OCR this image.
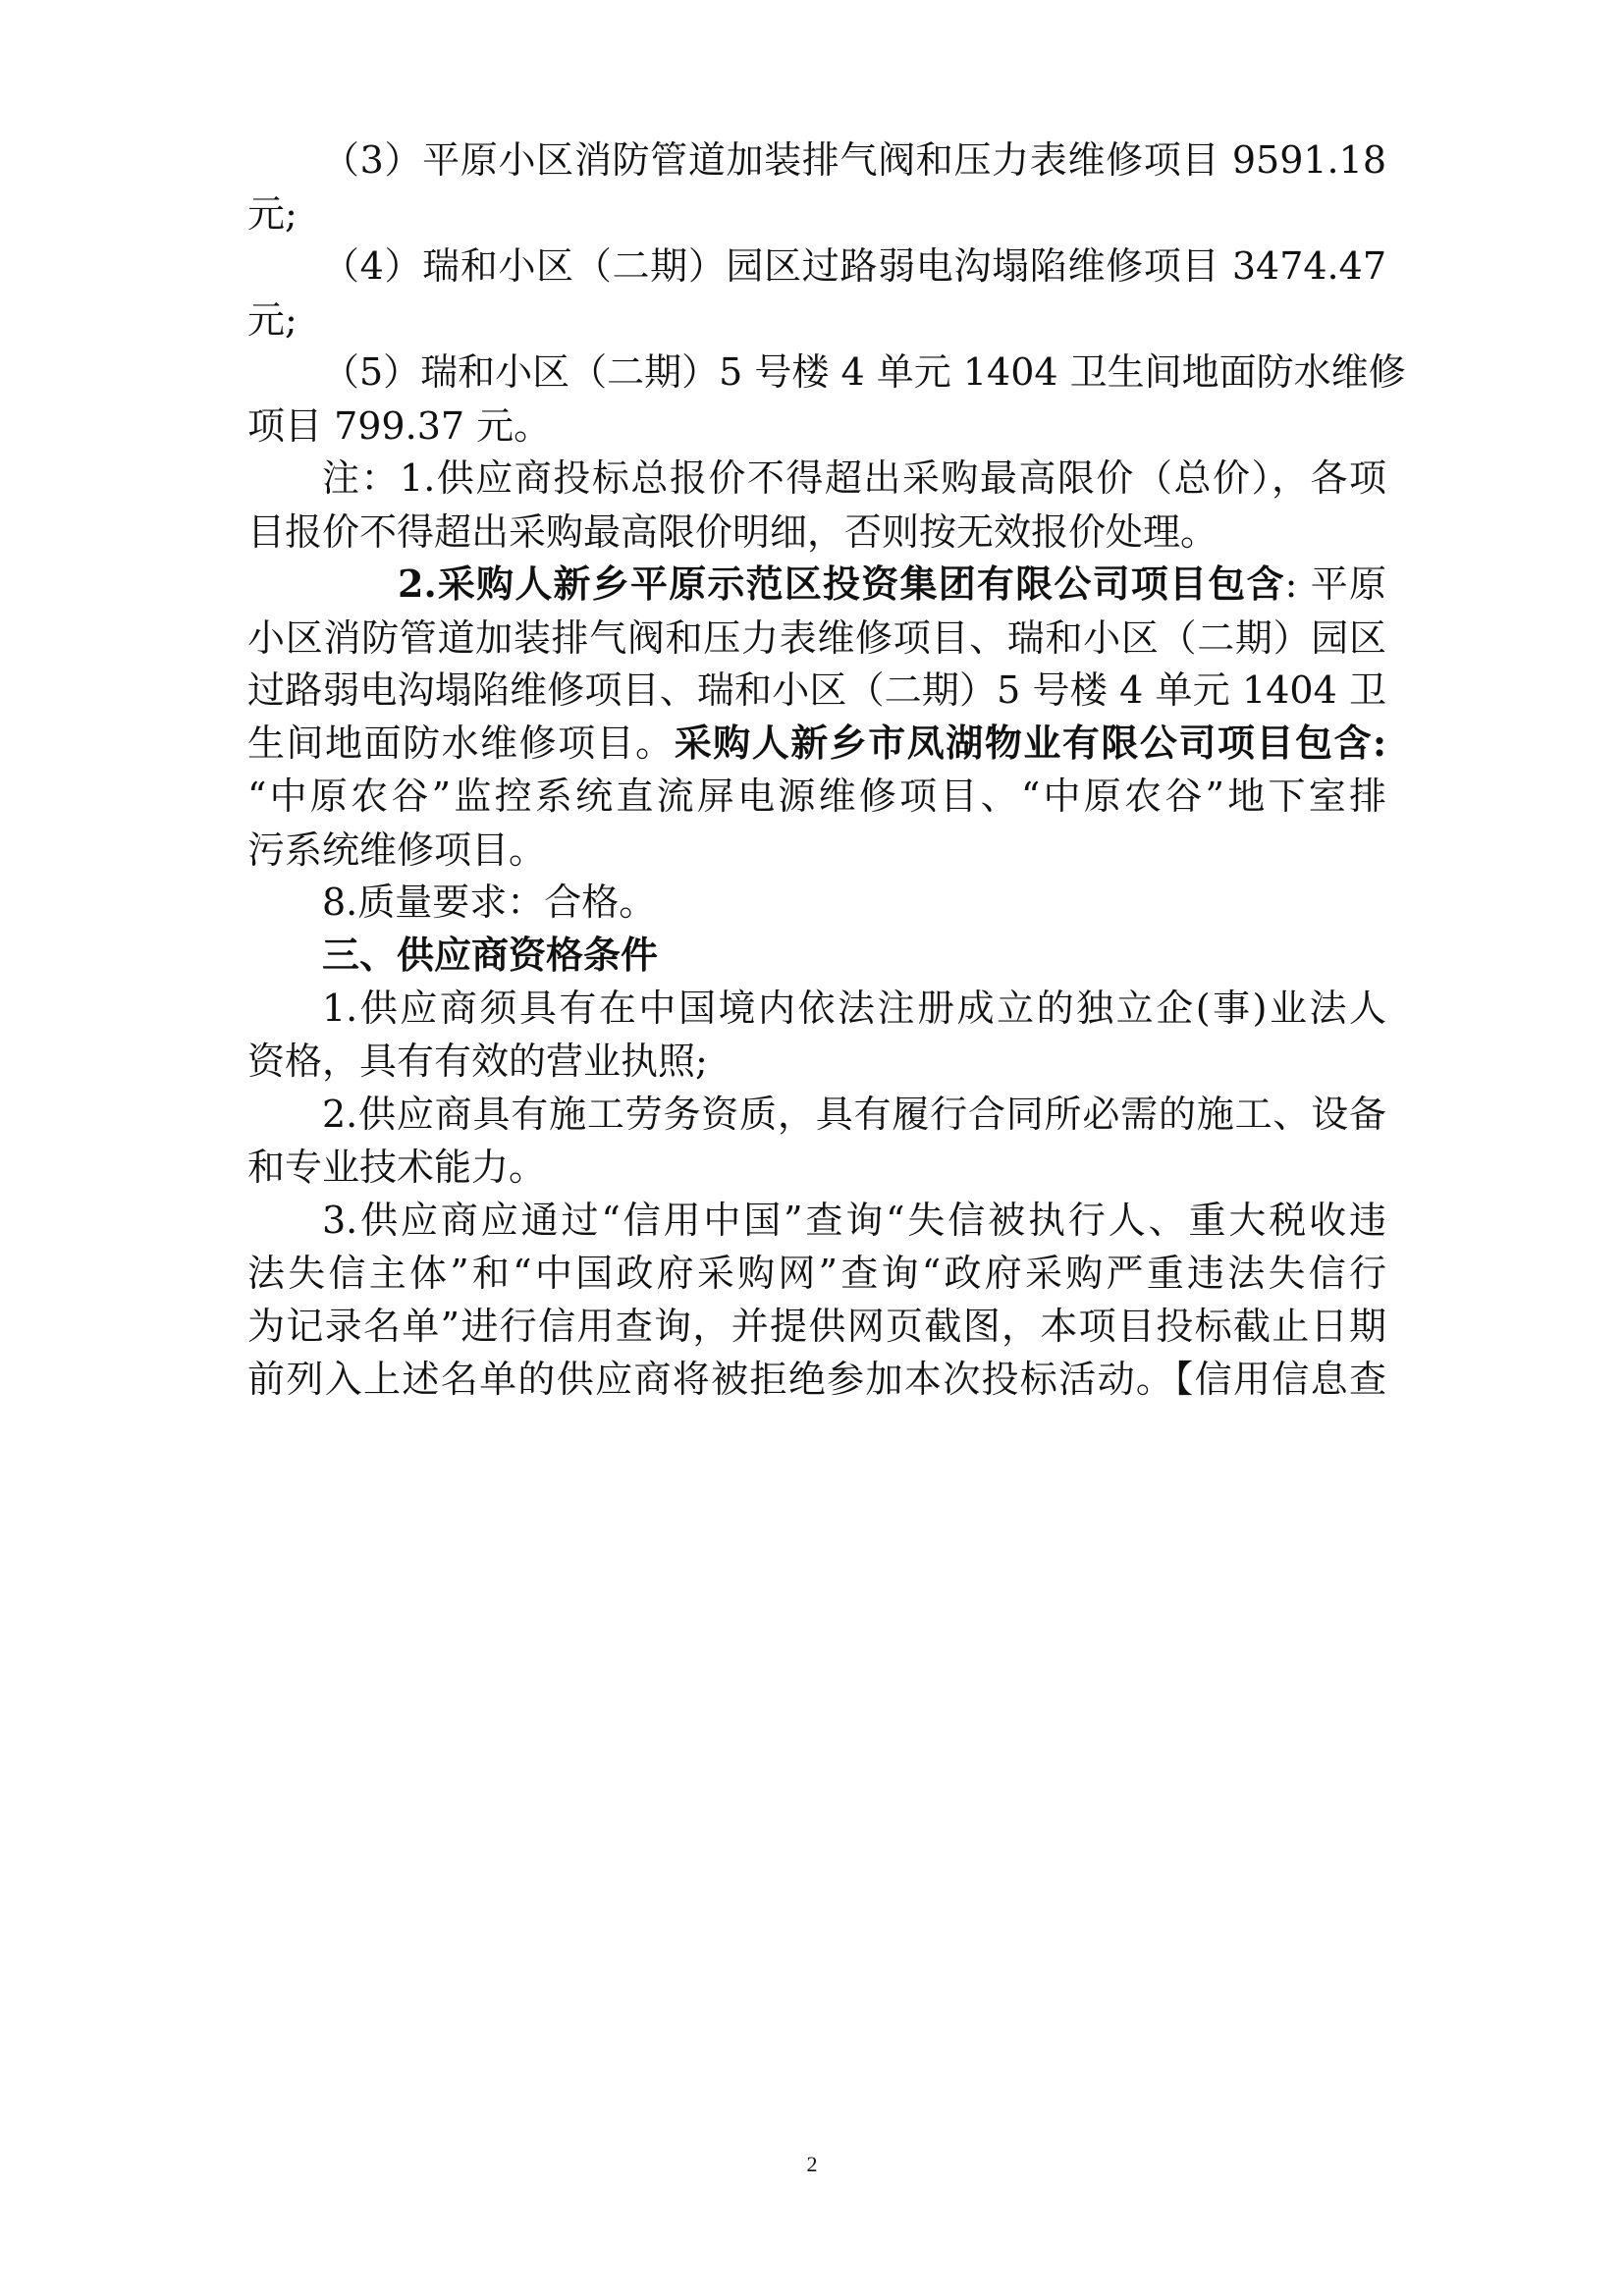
（3）平原小区消防管道加装排气阀和压力表维修项目 9591.18
元;
（4）瑞和小区（二期）园区过路弱电沟塌陷维修项目 3474.47
元;
（5）瑞和小区（二期）5 号楼 4 单元 1404 卫生间地面防水维修
项目 799.37 元。
注：1.供应商投标总报价不得超出采购最高限价（总价），各项
目报价不得超出采购最高限价明细，否则按无效报价处理。
2.采购人新乡平原示范区投资集团有限公司项目包含: 平原
小区消防管道加装排气阀和压力表维修项目、瑞和小区（二期）园区
过路弱电沟塌陷维修项目、瑞和小区（二期）5 号楼 4 单元 1404 卫
生间地面防水维修项目。采购人新乡市凤湖物业有限公司项目包含:
“中原农谷”监控系统直流屏电源维修项目、“中原农谷”地下室排
污系统维修项目。
8.质量要求：合格。
三、供应商资格条件
1.供应商须具有在中国境内依法注册成立的独立企(事)业法人
资格，具有有效的营业执照;
2.供应商具有施工劳务资质，具有履行合同所必需的施工、设备
和专业技术能力。
3.供应商应通过“信用中国”查询“失信被执行人、重大税收违
法失信主体”和“中国政府采购网”查询“政府采购严重违法失信行
为记录名单”进行信用查询，并提供网页截图，本项目投标截止日期
前列入上述名单的供应商将被拒绝参加本次投标活动。【信用信息查
2
